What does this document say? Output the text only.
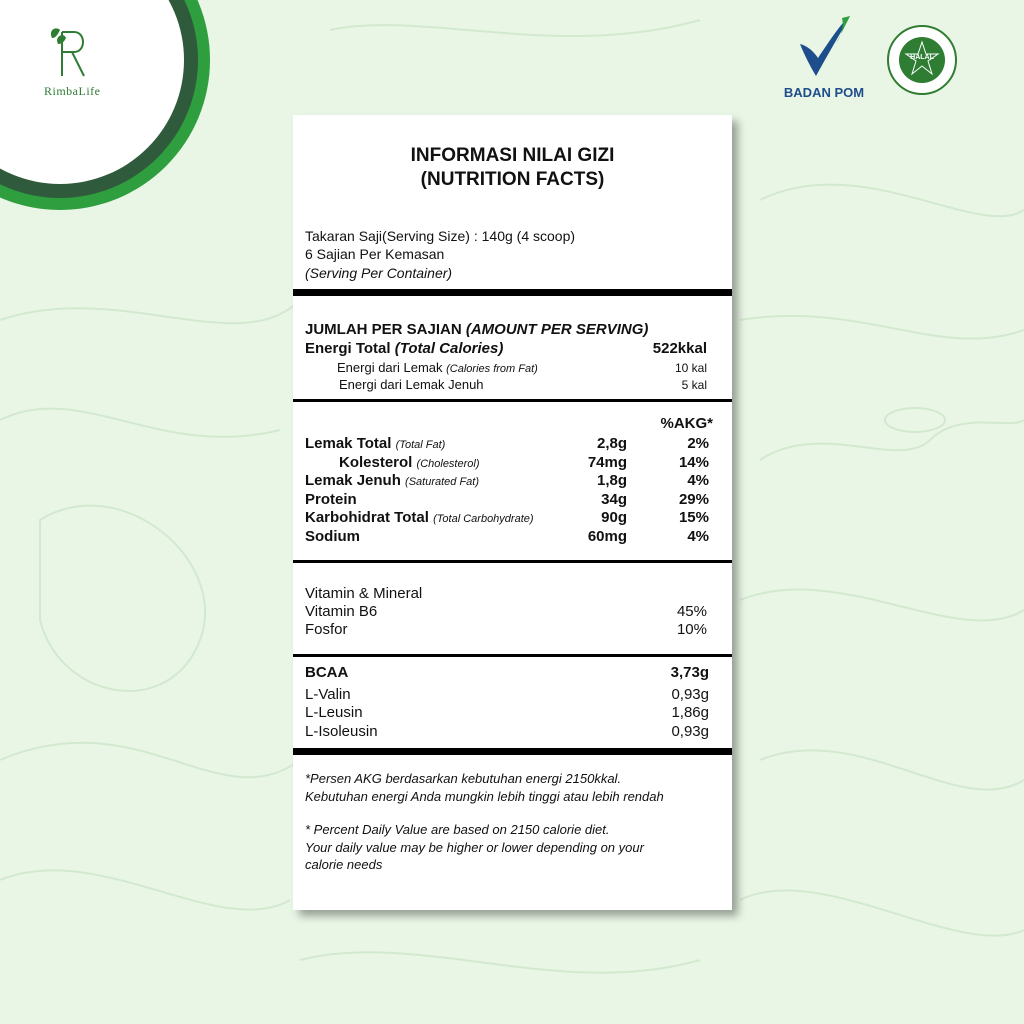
RimbaLife	BADAN POM
HALAL
INFORMASI NILAI GIZI
(NUTRITION FACTS)
Takaran Saji(Serving Size) : 140g (4 scoop)
6 Sajian Per Kemasan
(Serving Per Container)
JUMLAH PER SAJIAN (AMOUNT PER SERVING)
Energi Total (Total Calories)	522kkal
Energi dari Lemak (Calories from Fat)	10 kal
Energi dari Lemak Jenuh	5 kal
%AKG*
Lemak Total (Total Fat)	2,8g	2%
Kolesterol (Cholesterol)	74mg	14%
Lemak Jenuh (Saturated Fat)	1,8g	4%
Protein	34g	29%
Karbohidrat Total (Total Carbohydrate)	90g	15%
Sodium	60mg	4%
Vitamin & Mineral
Vitamin B6	45%
Fosfor	10%
BCAA	3,73g
L-Valin	0,93g
L-Leusin	1,86g
L-Isoleusin	0,93g
*Persen AKG berdasarkan kebutuhan energi 2150kkal.
Kebutuhan energi Anda mungkin lebih tinggi atau lebih rendah
* Percent Daily Value are based on 2150 calorie diet.
Your daily value may be higher or lower depending on your
calorie needs
